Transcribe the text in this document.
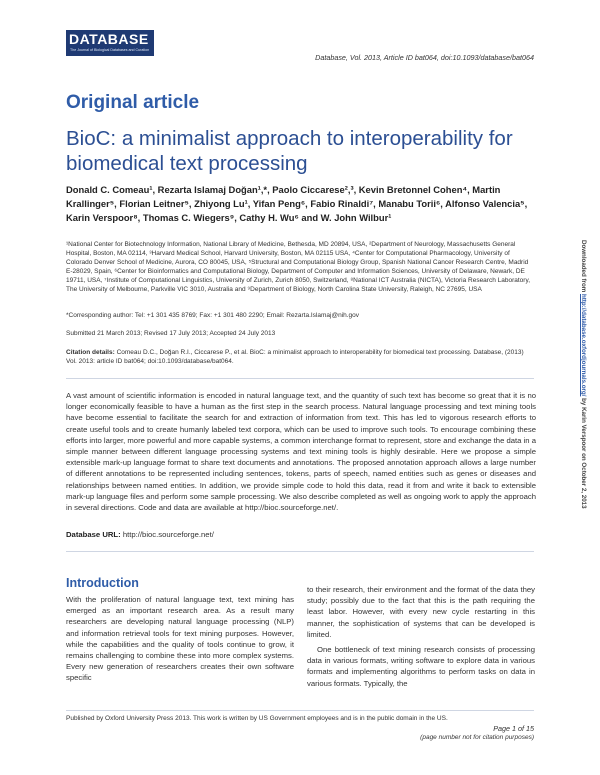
DATABASE
The Journal of Biological Databases and Curation
Database, Vol. 2013, Article ID bat064, doi:10.1093/database/bat064
Original article
BioC: a minimalist approach to interoperability for biomedical text processing
Donald C. Comeau¹, Rezarta Islamaj Doğan¹,*, Paolo Ciccarese²,³, Kevin Bretonnel Cohen⁴, Martin Krallinger⁵, Florian Leitner⁵, Zhiyong Lu¹, Yifan Peng⁶, Fabio Rinaldi⁷, Manabu Torii⁶, Alfonso Valencia⁵, Karin Verspoor⁸, Thomas C. Wiegers⁹, Cathy H. Wu⁶ and W. John Wilbur¹
¹National Center for Biotechnology Information, National Library of Medicine, Bethesda, MD 20894, USA, ²Department of Neurology, Massachusetts General Hospital, Boston, MA 02114, ³Harvard Medical School, Harvard University, Boston, MA 02115 USA, ⁴Center for Computational Pharmacology, University of Colorado Denver School of Medicine, Aurora, CO 80045, USA, ⁵Structural and Computational Biology Group, Spanish National Cancer Research Centre, Madrid E-28029, Spain, ⁶Center for Bioinformatics and Computational Biology, Department of Computer and Information Sciences, University of Delaware, Newark, DE 19711, USA, ⁷Institute of Computational Linguistics, University of Zurich, Zurich 8050, Switzerland, ⁸National ICT Australia (NICTA), Victoria Research Laboratory, The University of Melbourne, Parkville VIC 3010, Australia and ⁹Department of Biology, North Carolina State University, Raleigh, NC 27695, USA
*Corresponding author: Tel: +1 301 435 8769; Fax: +1 301 480 2290; Email: Rezarta.Islamaj@nih.gov
Submitted 21 March 2013; Revised 17 July 2013; Accepted 24 July 2013
Citation details: Comeau D.C., Doğan R.I., Ciccarese P., et al. BioC: a minimalist approach to interoperability for biomedical text processing. Database, (2013) Vol. 2013: article ID bat064; doi:10.1093/database/bat064.
A vast amount of scientific information is encoded in natural language text, and the quantity of such text has become so great that it is no longer economically feasible to have a human as the first step in the search process. Natural language processing and text mining tools have become essential to facilitate the search for and extraction of information from text. This has led to vigorous research efforts to create useful tools and to create humanly labeled text corpora, which can be used to improve such tools. To encourage combining these efforts into larger, more powerful and more capable systems, a common interchange format to represent, store and exchange the data in a simple manner between different language processing systems and text mining tools is highly desirable. Here we propose a simple extensible mark-up language format to share text documents and annotations. The proposed annotation approach allows a large number of different annotations to be represented including sentences, tokens, parts of speech, named entities such as genes or diseases and relationships between named entities. In addition, we provide simple code to hold this data, read it from and write it back to extensible mark-up language files and perform some sample processing. We also describe completed as well as ongoing work to apply the approach in several directions. Code and data are available at http://bioc.sourceforge.net/.
Database URL: http://bioc.sourceforge.net/
Introduction

With the proliferation of natural language text, text mining has emerged as an important research area. As a result many researchers are developing natural language processing (NLP) and information retrieval tools for text mining purposes. However, while the capabilities and the quality of tools continue to grow, it remains challenging to combine these into more complex systems. Every new generation of researchers creates their own software specific

to their research, their environment and the format of the data they study; possibly due to the fact that this is the path requiring the least labor. However, with every new cycle restarting in this manner, the sophistication of systems that can be developed is limited.

One bottleneck of text mining research consists of processing data in various formats, writing software to explore data in various formats and implementing algorithms to perform tasks on data in various formats. Typically, the

Published by Oxford University Press 2013. This work is written by US Government employees and is in the public domain in the US.
Page 1 of 15
(page number not for citation purposes)
Downloaded from http://database.oxfordjournals.org/ by Karin Verspoor on October 2, 2013
